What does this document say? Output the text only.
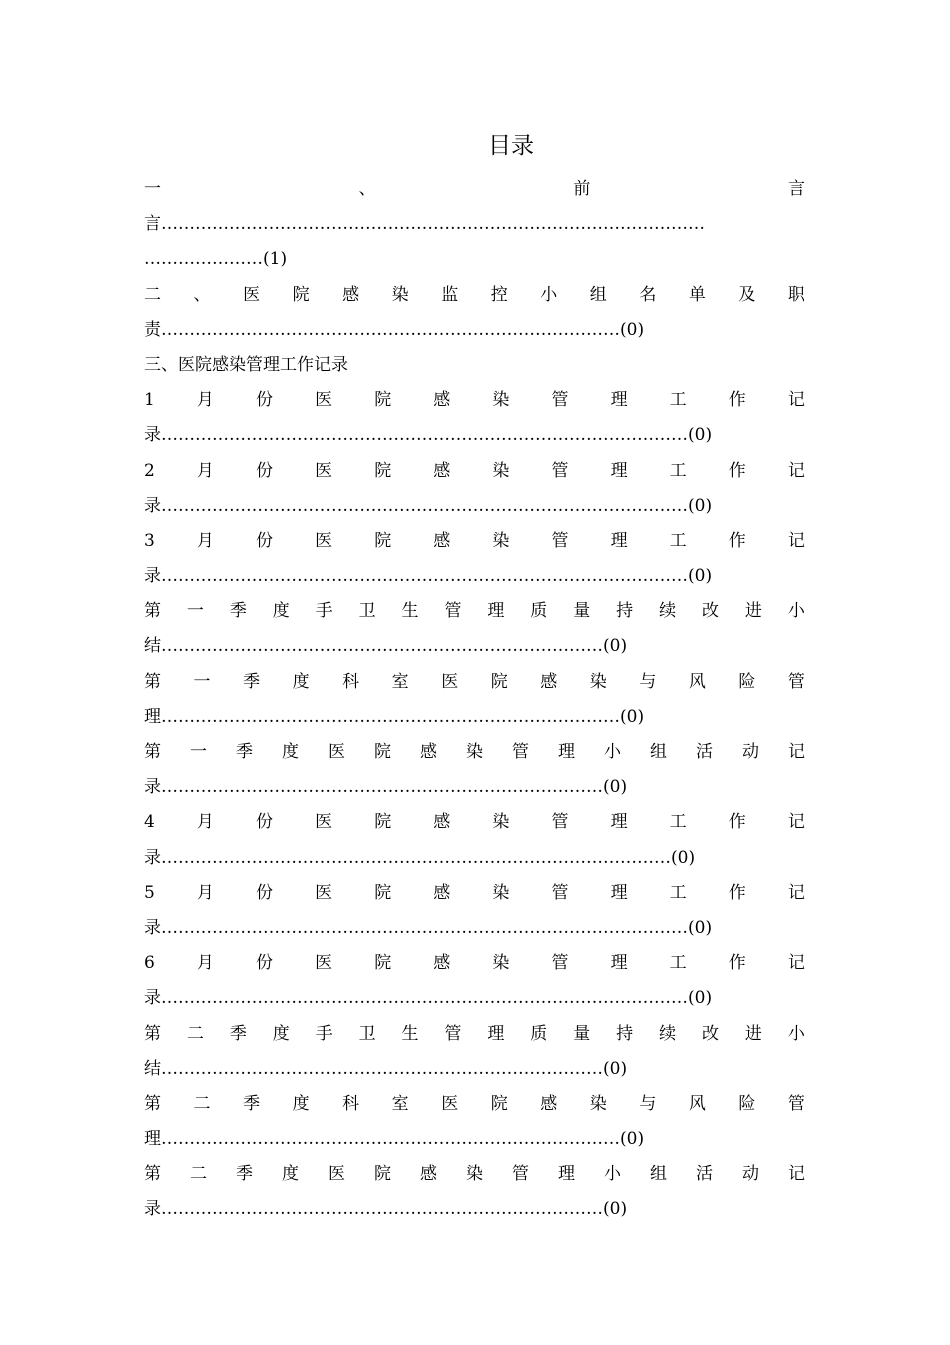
目录
一	、	前	言
言……………………………………………………………………………………
…………………(1)
二 、 医 院 感 染 监 控 小 组 名 单 及 职
责………………………………………………………………………(0)
三、医院感染管理工作记录
1 月 份 医 院 感 染 管 理 工 作 记
录…………………………………………………………………………………(0)
2 月 份 医 院 感 染 管 理 工 作 记
录…………………………………………………………………………………(0)
3 月 份 医 院 感 染 管 理 工 作 记
录…………………………………………………………………………………(0)
第 一 季 度 手 卫 生 管 理 质 量 持 续 改 进 小
结……………………………………………………………………(0)
第 一 季 度 科 室 医 院 感 染 与 风 险 管
理………………………………………………………………………(0)
第 一 季 度 医 院 感 染 管 理 小 组 活 动 记
录……………………………………………………………………(0)
4 月 份 医 院 感 染 管 理 工 作 记
录………………………………………………………………………………(0)
5 月 份 医 院 感 染 管 理 工 作 记
录…………………………………………………………………………………(0)
6 月 份 医 院 感 染 管 理 工 作 记
录…………………………………………………………………………………(0)
第 二 季 度 手 卫 生 管 理 质 量 持 续 改 进 小
结……………………………………………………………………(0)
第 二 季 度 科 室 医 院 感 染 与 风 险 管
理………………………………………………………………………(0)
第 二 季 度 医 院 感 染 管 理 小 组 活 动 记
录……………………………………………………………………(0)
